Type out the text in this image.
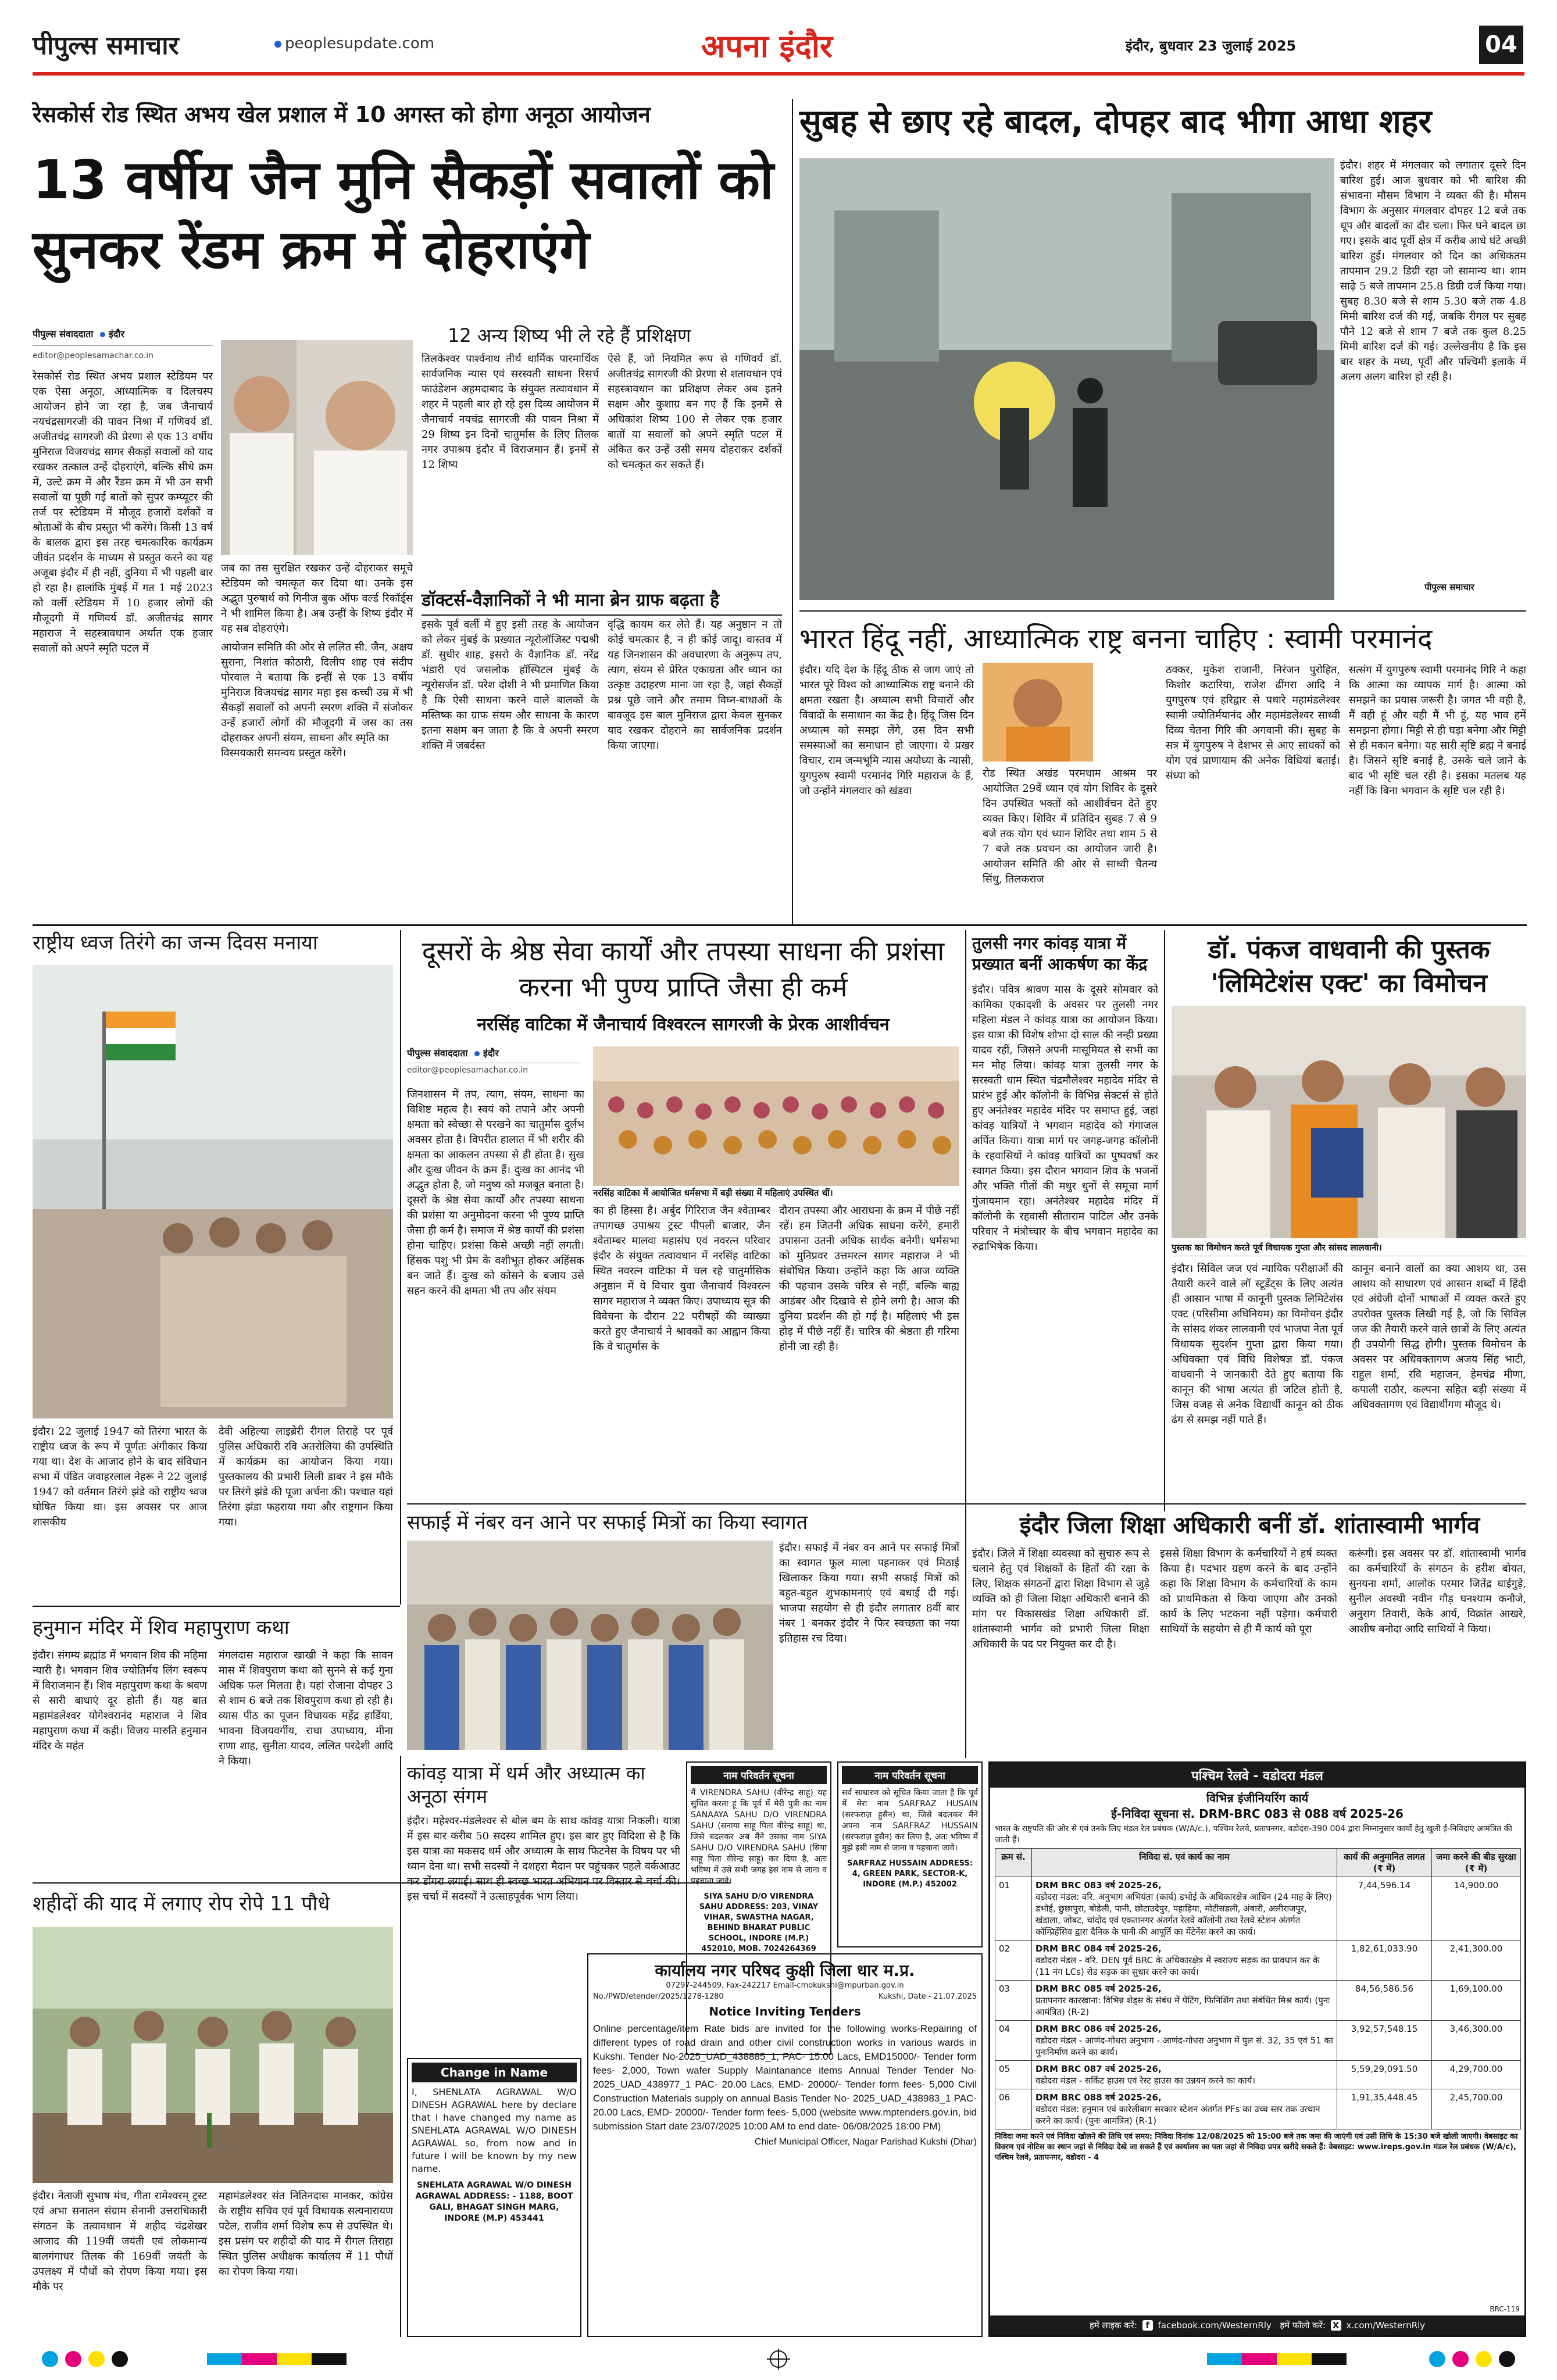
पीपुल्स समाचार	peoplesupdate.com	अपना इंदौर	इंदौर, बुधवार 23 जुलाई 2025	04
रेसकोर्स रोड स्थित अभय खेल प्रशाल में 10 अगस्त को होगा अनूठा आयोजन
13 वर्षीय जैन मुनि सैकड़ों सवालों को सुनकर रेंडम क्रम में दोहराएंगे
12 अन्य शिष्य भी ले रहे हैं प्रशिक्षण
पीपुल्स संवाददाता इंदौर
editor@peoplesamachar.co.in
रेसकोर्स रोड स्थित अभय प्रशाल स्टेडियम पर एक ऐसा अनूठा, आध्यात्मिक व दिलचस्प आयोजन होने जा रहा है, जब जैनाचार्य नयचंद्रसागरजी की पावन निश्रा में गणिवर्य डॉ. अजीतचंद्र सागरजी की प्रेरणा से एक 13 वर्षीय मुनिराज विजयचंद्र सागर सैकड़ों सवालों को याद रखकर तत्काल उन्हें दोहराएंगे, बल्कि सीधे क्रम में, उल्टे क्रम में और रैंडम क्रम में भी उन सभी सवालों या पूछी गई बातों को सुपर कम्प्यूटर की तर्ज पर स्टेडियम में मौजूद हजारों दर्शकों व श्रोताओं के बीच प्रस्तुत भी करेंगे। किसी 13 वर्ष के बालक द्वारा इस तरह चमत्कारिक कार्यक्रम जीवंत प्रदर्शन के माध्यम से प्रस्तुत करने का यह अजूबा इंदौर में ही नहीं, दुनिया में भी पहली बार हो रहा है। हालांकि मुंबई में गत 1 मई 2023 को वर्ली स्टेडियम में 10 हजार लोगों की मौजूदगी में गणिवर्य डॉ. अजीतचंद्र सागर महाराज ने सहस्त्रावधान अर्थात एक हजार सवालों को अपने स्मृति पटल में
जब का तस सुरक्षित रखकर उन्हें दोहराकर समूचे स्टेडियम को चमत्कृत कर दिया था। उनके इस अद्भुत पुरुषार्थ को गिनीज बुक ऑफ वर्ल्ड रिकॉर्ड्स ने भी शामिल किया है। अब उन्हीं के शिष्य इंदौर में यह सब दोहराएंगे।
आयोजन समिति की ओर से ललित सी. जैन, अक्षय सुराना, निशांत कोठारी, दिलीप शाह एवं संदीप पोरवाल ने बताया कि इन्हीं से एक 13 वर्षीय मुनिराज विजयचंद्र सागर महा इस कच्ची उम्र में भी सैकड़ों सवालों को अपनी स्मरण शक्ति में संजोकर उन्हें हजारों लोगों की मौजूदगी में जस का तस दोहराकर अपनी संयम, साधना और स्मृति का
विस्मयकारी समन्वय प्रस्तुत करेंगे।
तिलकेश्वर पार्श्वनाथ तीर्थ धार्मिक पारमार्थिक सार्वजनिक न्यास एवं सरस्वती साधना रिसर्च फाउंडेशन अहमदाबाद के संयुक्त तत्वावधान में शहर में पहली बार हो रहे इस दिव्य आयोजन में जैनाचार्य नयचंद्र सागरजी की पावन निश्रा में 29 शिष्य इन दिनों चातुर्मास के लिए तिलक नगर उपाश्रय इंदौर में विराजमान हैं। इनमें से 12 शिष्य
ऐसे हैं, जो नियमित रूप से गणिवर्य डॉ. अजीतचंद्र सागरजी की प्रेरणा से शतावधान एवं सहस्त्रावधान का प्रशिक्षण लेकर अब इतने सक्षम और कुशाग्र बन गए हैं कि इनमें से अधिकांश शिष्य 100 से लेकर एक हजार बातों या सवालों को अपने स्मृति पटल में अंकित कर उन्हें उसी समय दोहराकर दर्शकों को चमत्कृत कर सकते हैं।
डॉक्टर्स-वैज्ञानिकों ने भी माना ब्रेन ग्राफ बढ़ता है
इसके पूर्व वर्ली में हुए इसी तरह के आयोजन को लेकर मुंबई के प्रख्यात न्यूरोलॉजिस्ट पद्मश्री डॉ. सुधीर शाह, इसरो के वैज्ञानिक डॉ. नरेंद्र भंडारी एवं जसलोक हॉस्पिटल मुंबई के न्यूरोसर्जन डॉ. परेश दोशी ने भी प्रमाणित किया है कि ऐसी साधना करने वाले बालकों के मस्तिष्क का ग्राफ संयम और साधना के कारण इतना सक्षम बन जाता है कि वे अपनी स्मरण शक्ति में जबर्दस्त
वृद्धि कायम कर लेते हैं। यह अनुष्ठान न तो कोई चमत्कार है, न ही कोई जादू। वास्तव में यह जिनशासन की अवधारणा के अनुरूप तप, त्याग, संयम से प्रेरित एकाग्रता और ध्यान का उत्कृष्ट उदाहरण माना जा रहा है, जहां सैकड़ों प्रश्न पूछे जाने और तमाम विघ्न-बाधाओं के बावजूद इस बाल मुनिराज द्वारा केवल सुनकर याद रखकर दोहराने का सार्वजनिक प्रदर्शन किया जाएगा।
सुबह से छाए रहे बादल, दोपहर बाद भीगा आधा शहर
इंदौर। शहर में मंगलवार को लगातार दूसरे दिन बारिश हुई। आज बुधवार को भी बारिश की संभावना मौसम विभाग ने व्यक्त की है। मौसम विभाग के अनुसार मंगलवार दोपहर 12 बजे तक धूप और बादलों का दौर चला। फिर घने बादल छा गए। इसके बाद पूर्वी क्षेत्र में करीब आधे घंटे अच्छी बारिश हुई। मंगलवार को दिन का अधिकतम तापमान 29.2 डिग्री रहा जो सामान्य था। शाम साढ़े 5 बजे तापमान 25.8 डिग्री दर्ज किया गया। सुबह 8.30 बजे से शाम 5.30 बजे तक 4.8 मिमी बारिश दर्ज की गई, जबकि रीगल पर सुबह पौने 12 बजे से शाम 7 बजे तक कुल 8.25 मिमी बारिश दर्ज की गई। उल्लेखनीय है कि इस बार शहर के मध्य, पूर्वी और पश्चिमी इलाके में अलग अलग बारिश हो रही है।
पीपुल्स समाचार
भारत हिंदू नहीं, आध्यात्मिक राष्ट्र बनना चाहिए : स्वामी परमानंद
इंदौर। यदि देश के हिंदू ठीक से जाग जाएं तो भारत पूरे विश्व को आध्यात्मिक राष्ट्र बनाने की क्षमता रखता है। अध्यात्म सभी विचारों और विवादों के समाधान का केंद्र है। हिंदू जिस दिन अध्यात्म को समझ लेंगे, उस दिन सभी समस्याओं का समाधान हो जाएगा। ये प्रखर विचार, राम जन्मभूमि न्यास अयोध्या के न्यासी, युगपुरुष स्वामी परमानंद गिरि महाराज के हैं, जो उन्होंने मंगलवार को खंडवा
रोड स्थित अखंड परमधाम आश्रम पर आयोजित 29वें ध्यान एवं योग शिविर के दूसरे दिन उपस्थित भक्तों को आशीर्वचन देते हुए व्यक्त किए। शिविर में प्रतिदिन सुबह 7 से 9 बजे तक योग एवं ध्यान शिविर तथा शाम 5 से 7 बजे तक प्रवचन का आयोजन जारी है। आयोजन समिति की ओर से साध्वी चैतन्य सिंधु, तिलकराज
ठक्कर, मुकेश राजानी, निरंजन पुरोहित, किशोर कटारिया, राजेश ढींगरा आदि ने युगपुरुष एवं हरिद्वार से पधारे महामंडलेश्वर स्वामी ज्योतिर्मयानंद और महामंडलेश्वर साध्वी दिव्य चेतना गिरि की अगवानी की। सुबह के सत्र में युगपुरुष ने देशभर से आए साधकों को योग एवं प्राणायाम की अनेक विधियां बताईं। संध्या को
सत्संग में युगपुरुष स्वामी परमानंद गिरि ने कहा कि आत्मा का व्यापक मार्ग है। आत्मा को समझने का प्रयास जरूरी है। जगत भी वही है, मैं वही हूं और वही मैं भी हूं, यह भाव हमें समझना होगा। मिट्टी से ही घड़ा बनेगा और मिट्टी से ही मकान बनेगा। यह सारी सृष्टि ब्रह्म ने बनाई है। जिसने सृष्टि बनाई है, उसके चले जाने के बाद भी सृष्टि चल रही है। इसका मतलब यह नहीं कि बिना भगवान के सृष्टि चल रही है।
राष्ट्रीय ध्वज तिरंगे का जन्म दिवस मनाया
इंदौर। 22 जुलाई 1947 को तिरंगा भारत के राष्ट्रीय ध्वज के रूप में पूर्णतः अंगीकार किया गया था। देश के आजाद होने के बाद संविधान सभा में पंडित जवाहरलाल नेहरू ने 22 जुलाई 1947 को वर्तमान तिरंगे झंडे को राष्ट्रीय ध्वज घोषित किया था। इस अवसर पर आज शासकीय
देवी अहिल्या लाइब्रेरी रीगल तिराहे पर पूर्व पुलिस अधिकारी रवि अतरोलिया की उपस्थिति में कार्यक्रम का आयोजन किया गया। पुस्तकालय की प्रभारी लिली डाबर ने इस मौके पर तिरंगे झंडे की पूजा अर्चना की। पश्चात यहां तिरंगा झंडा फहराया गया और राष्ट्रगान किया गया।
दूसरों के श्रेष्ठ सेवा कार्यों और तपस्या साधना की प्रशंसा करना भी पुण्य प्राप्ति जैसा ही कर्म
नरसिंह वाटिका में जैनाचार्य विश्वरत्न सागरजी के प्रेरक आशीर्वचन
पीपुल्स संवाददाता इंदौर
editor@peoplesamachar.co.in
नरसिंह वाटिका में आयोजित धर्मसभा में बड़ी संख्या में महिलाएं उपस्थित थीं।
जिनशासन में तप, त्याग, संयम, साधना का विशिष्ट महत्व है। स्वयं को तपाने और अपनी क्षमता को स्वेच्छा से परखने का चातुर्मास दुर्लभ अवसर होता है। विपरीत हालात में भी शरीर की क्षमता का आकलन तपस्या से ही होता है। सुख और दुःख जीवन के क्रम हैं। दुःख का आनंद भी अद्भुत होता है, जो मनुष्य को मजबूत बनाता है। दूसरों के श्रेष्ठ सेवा कार्यों और तपस्या साधना की प्रशंसा या अनुमोदना करना भी पुण्य प्राप्ति जैसा ही कर्म है। समाज में श्रेष्ठ कार्यों की प्रशंसा होना चाहिए। प्रशंसा किसे अच्छी नहीं लगती। हिंसक पशु भी प्रेम के वशीभूत होकर अहिंसक बन जाते हैं। दुःख को कोसने के बजाय उसे सहन करने की क्षमता भी तप और संयम
का ही हिस्सा है। अर्बुद गिरिराज जैन श्वेताम्बर तपागच्छ उपाश्रय ट्रस्ट पीपली बाजार, जैन श्वेताम्बर मालवा महासंघ एवं नवरत्न परिवार इंदौर के संयुक्त तत्वावधान में नरसिंह वाटिका स्थित नवरत्न वाटिका में चल रहे चातुर्मासिक अनुष्ठान में ये विचार युवा जैनाचार्य विश्वरत्न सागर महाराज ने व्यक्त किए। उपाध्याय सूत्र की विवेचना के दौरान 22 परीषहों की व्याख्या करते हुए जैनाचार्य ने श्रावकों का आह्वान किया कि वे चातुर्मास के
दौरान तपस्या और आराधना के क्रम में पीछे नहीं रहें। हम जितनी अधिक साधना करेंगे, हमारी उपासना उतनी अधिक सार्थक बनेगी। धर्मसभा को मुनिप्रवर उत्तमरत्न सागर महाराज ने भी संबोधित किया। उन्होंने कहा कि आज व्यक्ति की पहचान उसके चरित्र से नहीं, बल्कि बाह्य आडंबर और दिखावे से होने लगी है। आज की दुनिया प्रदर्शन की हो गई है। महिलाएं भी इस होड़ में पीछे नहीं हैं। चारित्र की श्रेष्ठता ही गरिमा होनी जा रही है।
तुलसी नगर कांवड़ यात्रा में प्रख्यात बनीं आकर्षण का केंद्र
इंदौर। पवित्र श्रावण मास के दूसरे सोमवार को कामिका एकादशी के अवसर पर तुलसी नगर महिला मंडल ने कांवड़ यात्रा का आयोजन किया। इस यात्रा की विशेष शोभा दो साल की नन्ही प्रख्या यादव रहीं, जिसने अपनी मासूमियत से सभी का मन मोह लिया। कांवड़ यात्रा तुलसी नगर के सरस्वती धाम स्थित चंद्रमौलेश्वर महादेव मंदिर से प्रारंभ हुई और कॉलोनी के विभिन्न सेक्टर्स से होते हुए अनंतेश्वर महादेव मंदिर पर समाप्त हुई, जहां कांवड़ यात्रियों ने भगवान महादेव को गंगाजल अर्पित किया। यात्रा मार्ग पर जगह-जगह कॉलोनी के रहवासियों ने कांवड़ यात्रियों का पुष्पवर्षा कर स्वागत किया। इस दौरान भगवान शिव के भजनों और भक्ति गीतों की मधुर धुनों से समूचा मार्ग गुंजायमान रहा। अनंतेश्वर महादेव मंदिर में कॉलोनी के रहवासी सीताराम पाटिल और उनके परिवार ने मंत्रोच्चार के बीच भगवान महादेव का रुद्राभिषेक किया।
डॉ. पंकज वाधवानी की पुस्तक 'लिमिटेशंस एक्ट' का विमोचन
पुस्तक का विमोचन करते पूर्व विधायक गुप्ता और सांसद लालवानी।
इंदौर। सिविल जज एवं न्यायिक परीक्षाओं की तैयारी करने वाले लॉ स्टूडेंट्स के लिए अत्यंत ही आसान भाषा में कानूनी पुस्तक लिमिटेशंस एक्ट (परिसीमा अधिनियम) का विमोचन इंदौर के सांसद शंकर लालवानी एवं भाजपा नेता पूर्व विधायक सुदर्शन गुप्ता द्वारा किया गया। अधिवक्ता एवं विधि विशेषज्ञ डॉ. पंकज वाधवानी ने जानकारी देते हुए बताया कि कानून की भाषा अत्यंत ही जटिल होती है, जिस वजह से अनेक विद्यार्थी कानून को ठीक ढंग से समझ नहीं पाते हैं।
कानून बनाने वालों का क्या आशय था, उस आशय को साधारण एवं आसान शब्दों में हिंदी एवं अंग्रेजी दोनों भाषाओं में व्यक्त करते हुए उपरोक्त पुस्तक लिखी गई है, जो कि सिविल जज की तैयारी करने वाले छात्रों के लिए अत्यंत ही उपयोगी सिद्ध होगी। पुस्तक विमोचन के अवसर पर अधिवक्तागण अजय सिंह भाटी, राहुल शर्मा, रवि महाजन, हेमचंद्र मीणा, कपाली राठौर, कल्पना सहित बड़ी संख्या में अधिवक्तागण एवं विद्यार्थीगण मौजूद थे।
सफाई में नंबर वन आने पर सफाई मित्रों का किया स्वागत
इंदौर। सफाई में नंबर वन आने पर सफाई मित्रों का स्वागत फूल माला पहनाकर एवं मिठाई खिलाकर किया गया। सभी सफाई मित्रों को बहुत-बहुत शुभकामनाएं एवं बधाई दी गई। भाजपा सहयोग से ही इंदौर लगातार 8वीं बार नंबर 1 बनकर इंदौर ने फिर स्वच्छता का नया इतिहास रच दिया।
इंदौर जिला शिक्षा अधिकारी बनीं डॉ. शांतास्वामी भार्गव
इंदौर। जिले में शिक्षा व्यवस्था को सुचारु रूप से चलाने हेतु एवं शिक्षकों के हितों की रक्षा के लिए, शिक्षक संगठनों द्वारा शिक्षा विभाग से जुड़े व्यक्ति को ही जिला शिक्षा अधिकारी बनाने की मांग पर विकासखंड शिक्षा अधिकारी डॉ. शांतास्वामी भार्गव को प्रभारी जिला शिक्षा अधिकारी के पद पर नियुक्त कर दी है।
इससे शिक्षा विभाग के कर्मचारियों ने हर्ष व्यक्त किया है। पदभार ग्रहण करने के बाद उन्होंने कहा कि शिक्षा विभाग के कर्मचारियों के काम को प्राथमिकता से किया जाएगा और उनको कार्य के लिए भटकना नहीं पड़ेगा। कर्मचारी साथियों के सहयोग से ही मैं कार्य को पूरा
करूंगी। इस अवसर पर डॉ. शांतास्वामी भार्गव का कर्मचारियों के संगठन के हरीश बोयत, सुनयना शर्मा, आलोक परमार जितेंद्र धाईगुड़े, सुनील अवस्थी नवीन गौड़ घनश्याम कनौजे, अनुराग तिवारी, केके आर्य, विक्रांत आखरे, आशीष बनोदा आदि साथियों ने किया।
हनुमान मंदिर में शिव महापुराण कथा
इंदौर। संगम्य ब्रह्मांड में भगवान शिव की महिमा न्यारी है। भगवान शिव ज्योतिर्मय लिंग स्वरूप में विराजमान हैं। शिव महापुराण कथा के श्रवण से सारी बाधाएं दूर होती हैं। यह बात महामंडलेश्वर योगेश्वरानंद महाराज ने शिव महापुराण कथा में कही। विजय मारुति हनुमान मंदिर के महंत
मंगलदास महाराज खाखी ने कहा कि सावन मास में शिवपुराण कथा को सुनने से कई गुना अधिक फल मिलता है। यहां रोजाना दोपहर 3 से शाम 6 बजे तक शिवपुराण कथा हो रही है। व्यास पीठ का पूजन विधायक महेंद्र हार्डिया, भावना विजयवर्गीय, राधा उपाध्याय, मीना राणा शाह, सुनीता यादव, ललित परदेशी आदि ने किया।
शहीदों की याद में लगाए रोप रोपे 11 पौधे
इंदौर। नेताजी सुभाष मंच, गीता रामेश्वरम् ट्रस्ट एवं अभा सनातन संग्राम सेनानी उत्तराधिकारी संगठन के तत्वावधान में शहीद चंद्रशेखर आजाद की 119वीं जयंती एवं लोकमान्य बालगंगाधर तिलक की 169वीं जयंती के उपलक्ष्य में पौधों को रोपण किया गया। इस मौके पर
महामंडलेश्वर संत नितिनदास मानकर, कांग्रेस के राष्ट्रीय सचिव एवं पूर्व विधायक सत्यनारायण पटेल, राजीव शर्मा विशेष रूप से उपस्थित थे। इस प्रसंग पर शहीदों की याद में रीगल तिराहा स्थित पुलिस अधीक्षक कार्यालय में 11 पौधों का रोपण किया गया।
कांवड़ यात्रा में धर्म और अध्यात्म का अनूठा संगम
इंदौर। महेश्वर-मंडलेश्वर से बोल बम के साथ कांवड़ यात्रा निकली। यात्रा में इस बार करीब 50 सदस्य शामिल हुए। इस बार हुए विदिशा से है कि इस यात्रा का मकसद धर्म और अध्यात्म के साथ फिटनेस के विषय पर भी ध्यान देना था। सभी सदस्यों ने दशहरा मैदान पर पहुंचकर पहले वर्कआउट कर डोंगरा लगाई। साथ ही स्वच्छ भारत अभियान पर विस्तार से चर्चा की। इस चर्चा में सदस्यों ने उत्साहपूर्वक भाग लिया।
नाम परिवर्तन सूचना
मैं VIRENDRA SAHU (वीरेन्द्र साहू) यह सुचित करता हूं कि पूर्व में मेरी पुत्री का नाम SANAAYA SAHU D/O VIRENDRA SAHU (सनाया साहू पिता वीरेन्द्र साहू) था, जिसे बदलकर अब मैंने उसका नाम SIYA SAHU D/O VIRENDRA SAHU (सिया साहू पिता वीरेन्द्र साहू) कर दिया है, अतः भविष्य में उसे सभी जगह इस नाम से जाना व पहचाना जावे।
SIYA SAHU D/O VIRENDRA SAHU ADDRESS: 203, VINAY VIHAR, SWASTHA NAGAR, BEHIND BHARAT PUBLIC SCHOOL, INDORE (M.P.) 452010, MOB. 7024264369
नाम परिवर्तन सूचना
सर्व साधारण को सूचित किया जाता है कि पूर्व में मेरा नाम SARFRAZ HUSAIN (सरफराज़ हुसैन) था, जिसे बदलकर मैंने अपना नाम SARFRAZ HUSSAIN (सरफराज़ हुसैन) कर लिया है, अतः भविष्य में मुझे इसी नाम से जाना व पहचाना जावे।
SARFRAZ HUSSAIN ADDRESS: 4, GREEN PARK, SECTOR-K, INDORE (M.P.) 452002
Change in Name
I, SHENLATA AGRAWAL W/O DINESH AGRAWAL here by declare that I have changed my name as SNEHLATA AGRAWAL W/O DINESH AGRAWAL so, from now and in future I will be known by my new name.
SNEHLATA AGRAWAL W/O DINESH AGRAWAL ADDRESS: - 1188, BOOT GALI, BHAGAT SINGH MARG, INDORE (M.P) 453441
कार्यालय नगर परिषद कुक्षी जिला धार म.प्र.
07297-244509, Fax-242217 Email-cmokukshi@mpurban.gov.in
No./PWD/etender/2025/1278-1280	Kukshi, Date - 21.07.2025
Notice Inviting Tenders
Online percentage/item Rate bids are invited for the following works-Repairing of different types of road drain and other civil construction works in various wards in Kukshi. Tender No-2025_UAD_438885_1, PAC- 15.00 Lacs, EMD15000/- Tender form fees- 2,000, Town wafer Supply Maintanance items Annual Tender Tender No- 2025_UAD_438977_1 PAC- 20.00 Lacs, EMD- 20000/- Tender form fees- 5,000 Civil Construction Materials supply on annual Basis Tender No- 2025_UAD_438983_1 PAC- 20.00 Lacs, EMD- 20000/- Tender form fees- 5,000 (website www.mptenders.gov.in, bid submission Start date 23/07/2025 10:00 AM to end date- 06/08/2025 18:00 PM)
Chief Municipal Officer, Nagar Parishad Kukshi (Dhar)
पश्चिम रेलवे - वडोदरा मंडल
विभिन्न इंजीनियरिंग कार्य
ई-निविदा सूचना सं. DRM-BRC 083 से 088 वर्ष 2025-26
भारत के राष्ट्रपति की ओर से एवं उनके लिए मंडल रेल प्रबंधक (W/A/c.), पश्चिम रेलवे, प्रतापनगर, वडोदरा-390 004 द्वारा निम्नानुसार कार्यों हेतु खुली ई-निविदाएं आमंत्रित की जाती हैं।
क्रम सं.	निविदा सं. एवं कार्य का नाम	कार्य की अनुमानित लागत (₹ में)	जमा करने की बीड सुरक्षा (₹ में)
01	DRM BRC 083 वर्ष 2025-26,
वडोदरा मंडल: वरि. अनुभाग अभियंता (कार्य) डभोई के अधिकारक्षेत्र आधिन (24 माह के लिए) डभोई, छुछापुरा, बोडेली, पानी, छोटाउदेपुर, पहाड़िया, मोटीसडली, अंबारी, अलीराजपुर, खंडाला, जोबट, चांदोद एवं एकतानगर अंतर्गत रेलवे कॉलोनी तथा रेलवे स्टेशन अंतर्गत कॉम्प्रिहेंसिव द्वारा दैनिक के पानी की आपूर्ति का मेंटेनेंस करने का कार्य।	7,44,596.14	14,900.00
02	DRM BRC 084 वर्ष 2025-26,
वडोदरा मंडल - वरि. DEN पूर्व BRC के अधिकारक्षेत्र में स्वराज्य सड़क का प्रावधान कर के (11 नंग LCs) रोड सड़क का सुधार करने का कार्य।	1,82,61,033.90	2,41,300.00
03	DRM BRC 085 वर्ष 2025-26,
प्रतापनगर कारखाना: विभिन्न शेड्स के संबंध में पेंटिंग, फिनिशिंग तथा संबंधित मिश्र कार्य। (पुनः आमंत्रित) (R-2)	84,56,586.56	1,69,100.00
04	DRM BRC 086 वर्ष 2025-26,
वडोदरा मंडल - आणंद-गोधरा अनुभाग - आणंद-गोधरा अनुभाग में पुल सं. 32, 35 एवं 51 का पुनःनिर्माण करने का कार्य।	3,92,57,548.15	3,46,300.00
05	DRM BRC 087 वर्ष 2025-26,
वडोदरा मंडल - सर्किट हाउस एवं रेस्ट हाउस का उन्नयन करने का कार्य।	5,59,29,091.50	4,29,700.00
06	DRM BRC 088 वर्ष 2025-26,
वडोदरा मंडल: हनुमान एवं कारेलीबाग सरकार स्टेशन अंतर्गत PFs का उच्च स्तर तक उत्थान करने का कार्य। (पुनः आमंत्रित) (R-1)	1,91,35,448.45	2,45,700.00
निविदा जमा करने एवं निविदा खोलने की तिथि एवं समय: निविदा दिनांक 12/08/2025 को 15:00 बजे तक जमा की जाएंगी एवं उसी तिथि के 15:30 बजे खोली जाएगी। वेबसाइट का विवरण एवं नोटिस का स्थान जहां से निविदा देखे जा सकते हैं एवं कार्यालय का पता जहां से निविदा प्रपत्र खरीदे सकते हैं: वेबसाइट: www.ireps.gov.in मंडल रेल प्रबंधक (W/A/c), पश्चिम रेलवे, प्रतापनगर, वडोदरा - 4
हमें लाइक करें: f facebook.com/WesternRly हमें फॉलो करें: X x.com/WesternRly
BRC-119
